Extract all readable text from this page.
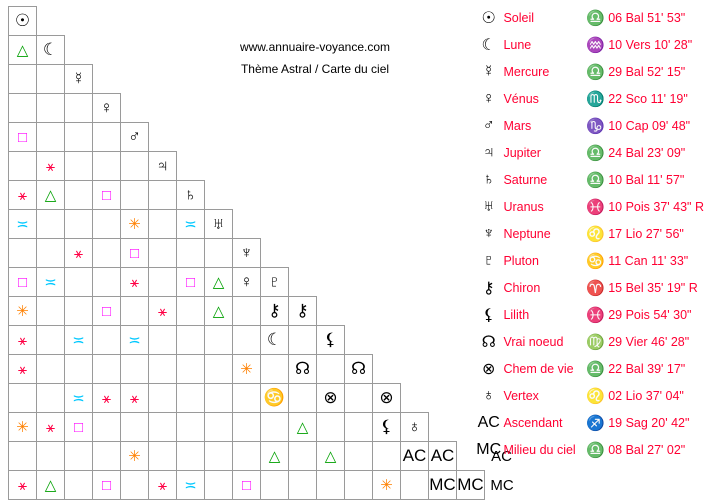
☉																	
△	☾																
		☿															
			♀														
□				♂													
	⚹				♃												
⚹	△		□			♄											
≍				✳		≍	♅										
		⚹		□				♆									
□	≍			⚹		□	△	♀	♇								
✳			□		⚹		△		⚷	⚷							
⚹		≍		≍					☾		⚸						
⚹								✳		☊		☊					
		≍	⚹	⚹					♋		⊗		⊗				
✳	⚹	□								△			⚸	♁			
				✳					△		△			AC	AC		AC
⚹	△		□		⚹	≍		□					✳		MC	MC	MC
www.annuaire-voyance.com
Thème Astral / Carte du ciel
☉	Soleil	♎	06 Bal 51' 53"
☾	Lune	♒	10 Vers 10' 28"
☿	Mercure	♎	29 Bal 52' 15"
♀	Vénus	♏	22 Sco 11' 19"
♂	Mars	♑	10 Cap 09' 48"
♃	Jupiter	♎	24 Bal 23' 09"
♄	Saturne	♎	10 Bal 11' 57"
♅	Uranus	♓	10 Pois 37' 43" R
♆	Neptune	♌	17 Lio 27' 56"
♇	Pluton	♋	11 Can 11' 33"
⚷	Chiron	♈	15 Bel 35' 19" R
⚸	Lilith	♓	29 Pois 54' 30"
☊	Vrai noeud	♍	29 Vier 46' 28"
⊗	Chem de vie	♎	22 Bal 39' 17"
♁	Vertex	♌	02 Lio 37' 04"
AC	Ascendant	♐	19 Sag 20' 42"
MC	Milieu du ciel	♎	08 Bal 27' 02"
